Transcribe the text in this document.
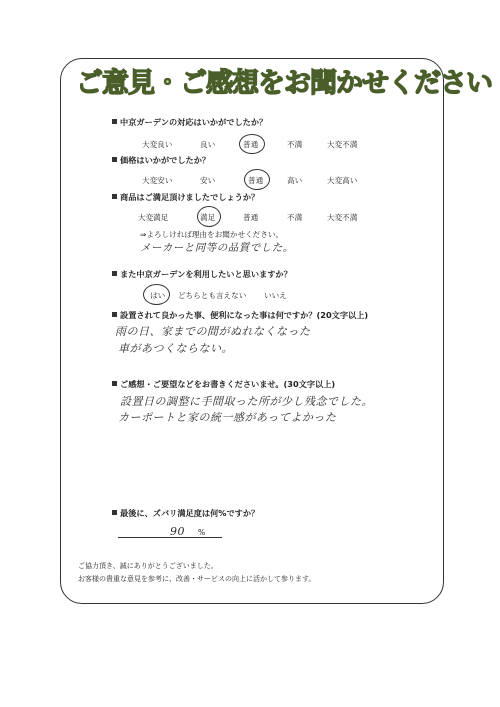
ご意見・ご感想をお聞かせください
中京ガーデンの対応はいかがでしたか？
大変良い	良い	普通	不満	大変不満
価格はいかがでしたか？
大変安い	安い	普通	高い	大変高い
商品はご満足頂けましたでしょうか？
大変満足	満足	普通	不満	大変不満
⇒よろしければ理由をお聞かせください。
メーカーと同等の品質でした。
また中京ガーデンを利用したいと思いますか？
はい どちらとも言えない いいえ
設置されて良かった事、便利になった事は何ですか？(20文字以上)
雨の日、家までの間がぬれなくなった
車があつくならない。
ご感想・ご要望などをお書きくださいませ。(30文字以上)
設置日の調整に手間取った所が少し残念でした。
カーポートと家の統一感があってよかった
最後に、ズバリ満足度は何%ですか？
90 %
ご協力頂き、誠にありがとうございました。
お客様の貴重な意見を参考に、改善・サービスの向上に活かして参ります。
